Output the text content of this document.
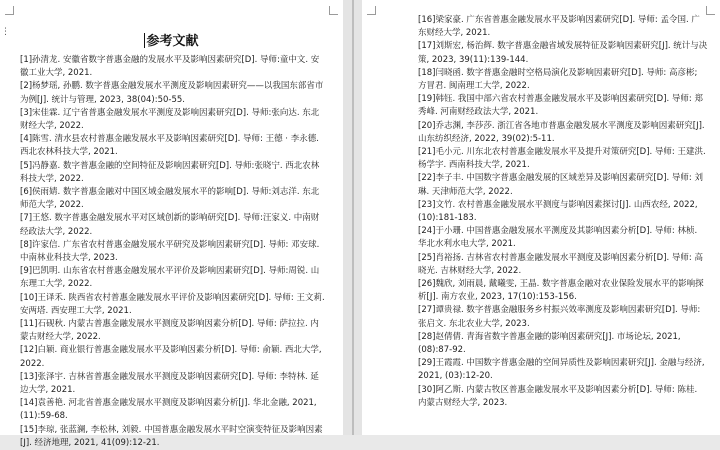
⋮
参考文献
[1]孙清龙. 安徽省数字普惠金融的发展水平及影响因素研究[D]. 导师:童中文. 安徽工业大学, 2021.
[2]杨梦瑶, 孙鹏. 数字普惠金融发展水平测度及影响因素研究——以我国东部省市为例[J]. 统计与管理, 2023, 38(04):50-55.
[3]宋佳霖. 辽宁省普惠金融发展水平测度及影响因素研究[D]. 导师:张向达. 东北财经大学, 2022.
[4]陈雪. 清水县农村普惠金融发展水平及影响因素研究[D]. 导师: 王德 · 李永德. 西北农林科技大学, 2021.
[5]冯静嘉. 数字普惠金融的空间特征及影响因素研究[D]. 导师:张晓宁. 西北农林科技大学, 2022.
[6]侯雨婧. 数字普惠金融对中国区域金融发展水平的影响[D]. 导师:刘志洋. 东北师范大学, 2022.
[7]王悠. 数字普惠金融发展水平对区域创新的影响研究[D]. 导师:汪家义. 中南财经政法大学, 2022.
[8]许家信. 广东省农村普惠金融发展水平研究及影响因素研究[D]. 导师: 邓安球. 中南林业科技大学, 2023.
[9]巴凯明. 山东省农村普惠金融发展水平评价及影响因素研究[D]. 导师:周锐. 山东理工大学, 2022.
[10]王译禾. 陕西省农村普惠金融发展水平评价及影响因素研究[D]. 导师: 王文莉. 安两塔. 西安理工大学, 2021.
[11]石砚秋. 内蒙古普惠金融发展水平测度及影响因素分析[D]. 导师: 萨拉拉. 内蒙古财经大学, 2022.
[12]白颖. 商业银行普惠金融发展水平及影响因素分析[D]. 导师: 俞颖. 西北大学, 2022.
[13]张泽宇. 吉林省普惠金融发展水平测度及影响因素研究[D]. 导师: 李特林. 延边大学, 2021.
[14]袁善艳. 河北省普惠金融发展水平测度及影响因素分析[J]. 华北金融, 2021, (11):59-68.
[15]李琼, 张蓝澜, 李松林, 刘毅. 中国普惠金融发展水平时空演变特征及影响因素[J]. 经济地理, 2021, 41(09):12-21.
[16]梁家豪. 广东省普惠金融发展水平及影响因素研究[D]. 导师: 孟令国. 广东财经大学, 2021.
[17]刘斯宏, 杨治辉. 数字普惠金融省域发展特征及影响因素研究[J]. 统计与决策, 2023, 39(11):139-144.
[18]闫晓函. 数字普惠金融时空格局演化及影响因素研究[D]. 导师: 高彦彬; 方冒君. 闽南理工大学, 2022.
[19]韩钰. 我国中部六省农村普惠金融发展水平及影响因素研究[D]. 导师: 郑秀峰. 河南财经政法大学, 2021.
[20]乔志渊, 李莎莎. 浙江省各地市普惠金融发展水平测度及影响因素研究[J]. 山东纺织经济, 2022, 39(02):5-11.
[21]毛小元. 川东北农村普惠金融发展水平及提升对策研究[D]. 导师: 王建洪. 杨学宇. 西南科技大学, 2021.
[22]李子丰. 中国数字普惠金融发展的区域差异及影响因素研究[D]. 导师: 刘琳. 天津师范大学, 2022.
[23]文竹. 农村普惠金融发展水平测度与影响因素探讨[J]. 山西农经, 2022, (10):181-183.
[24]于小珊. 中国普惠金融发展水平测度及其影响因素分析[D]. 导师: 林桢. 华北水利水电大学, 2021.
[25]肖裕扬. 吉林省农村普惠金融发展水平测度及影响因素分析[D]. 导师: 高晓光. 吉林财经大学, 2022.
[26]魏欣, 刘雨晨, 戴曦雯, 王晶. 数字普惠金融对农业保险发展水平的影响探析[J]. 南方农业, 2023, 17(10):153-156.
[27]谭贵禄. 数字普惠金融服务乡村振兴效率测度及影响因素研究[D]. 导师:张启文. 东北农业大学, 2023.
[28]赵倩倩. 青海省数字普惠金融的影响因素研究[J]. 市场论坛, 2021, (08):87-92.
[29]王霞霞. 中国数字普惠金融的空间异质性及影响因素研究[J]. 金融与经济, 2021, (03):12-20.
[30]阿乙斯. 内蒙古牧区普惠金融发展水平及影响因素分析[D]. 导师: 陈桂. 内蒙古财经大学, 2023.
